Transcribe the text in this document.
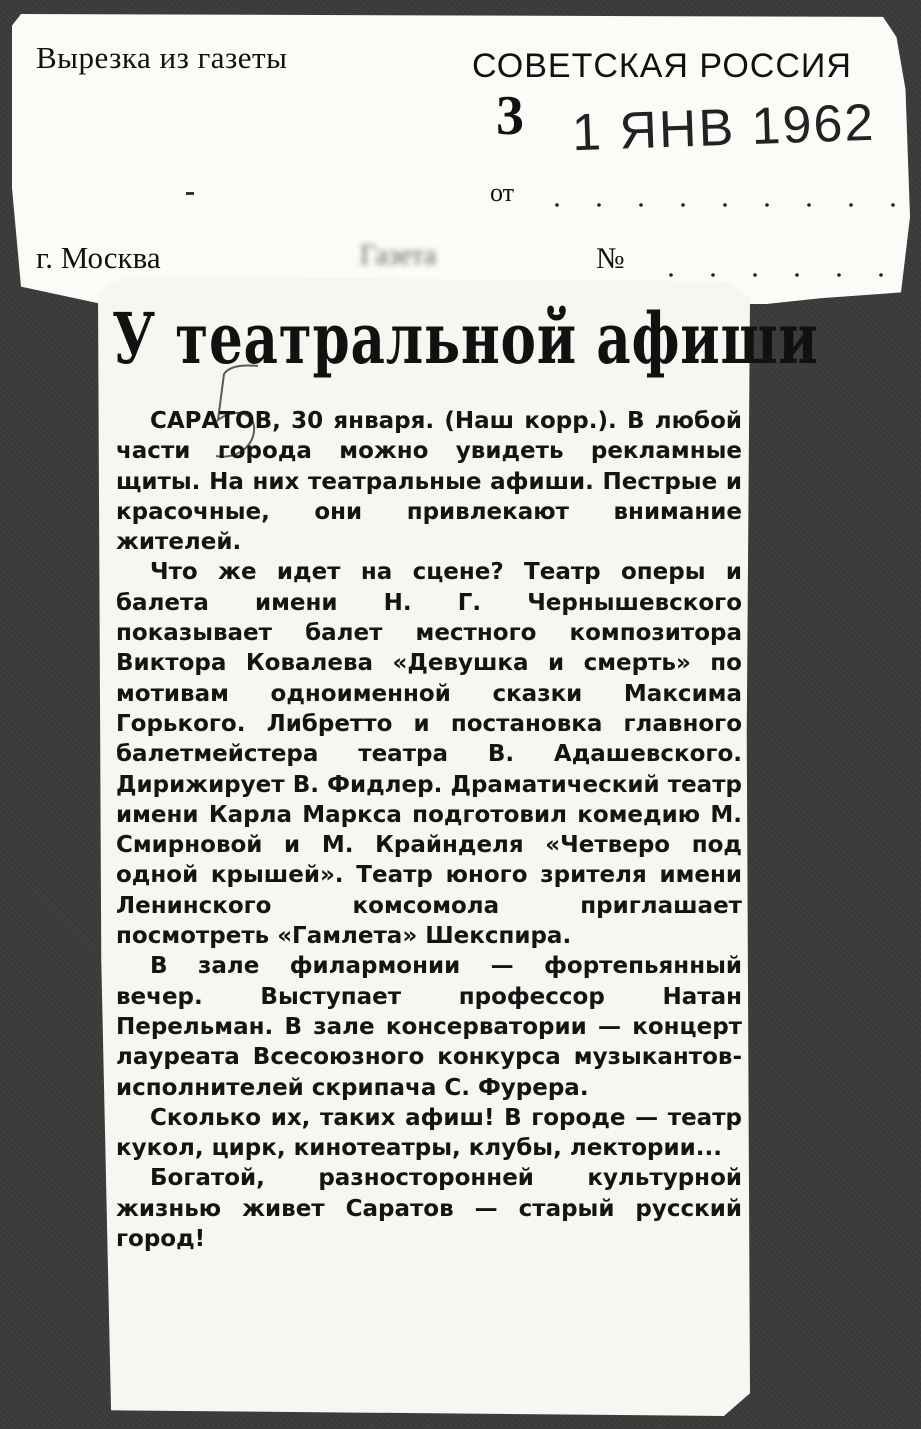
Вырезка из газеты	СОВЕТСКАЯ РОССИЯ
3 1 ЯНВ 1962
от
г. Москва	Газета	№
У театральной афиши

САРАТОВ, 30 января. (Наш корр.). В любой части города можно увидеть рекламные щиты. На них театральные афиши. Пестрые и красочные, они привлекают внимание жителей.

Что же идет на сцене? Театр оперы и балета имени Н. Г. Чернышевского показывает балет местного композитора Виктора Ковалева «Девушка и смерть» по мотивам одноименной сказки Максима Горького. Либретто и постановка главного балетмейстера театра В. Адашевского. Дирижирует В. Фидлер. Драматический театр имени Карла Маркса подготовил комедию М. Смирновой и М. Крайнделя «Четверо под одной крышей». Театр юного зрителя имени Ленинского комсомола приглашает посмотреть «Гамлета» Шекспира.

В зале филармонии — фортепьянный вечер. Выступает профессор Натан Перельман. В зале консерватории — концерт лауреата Всесоюзного конкурса музыкантов-исполнителей скрипача С. Фурера.

Сколько их, таких афиш! В городе — театр кукол, цирк, кинотеатры, клубы, лектории...

Богатой, разносторонней культурной жизнью живет Саратов — старый русский город!
